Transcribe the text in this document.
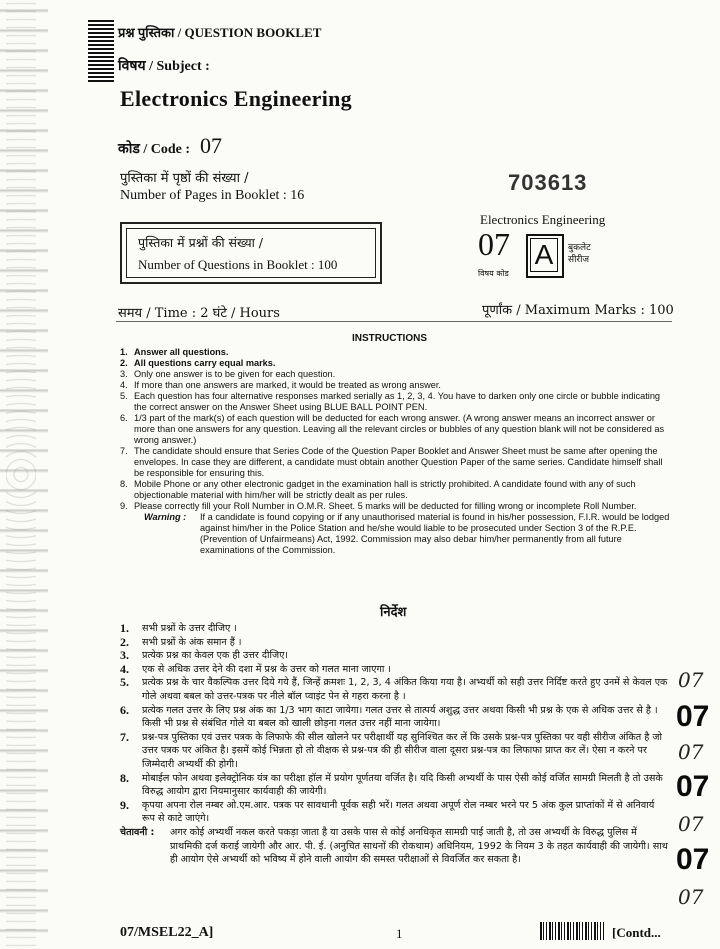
प्रश्न पुस्तिका / QUESTION BOOKLET
विषय / Subject :
Electronics Engineering
कोड / Code : 07
पुस्तिका में पृष्ठों की संख्या /
Number of Pages in Booklet : 16
703613
पुस्तिका में प्रश्नों की संख्या /
Number of Questions in Booklet : 100
Electronics Engineering
07
विषय कोड
A	बुकलेट सीरीज
समय / Time : 2 घंटे / Hours	पूर्णांक / Maximum Marks : 100
INSTRUCTIONS
1. Answer all questions.
2. All questions carry equal marks.
3. Only one answer is to be given for each question.
4. If more than one answers are marked, it would be treated as wrong answer.
5. Each question has four alternative responses marked serially as 1, 2, 3, 4. You have to darken only one circle or bubble indicating the correct answer on the Answer Sheet using BLUE BALL POINT PEN.
6. 1/3 part of the mark(s) of each question will be deducted for each wrong answer. (A wrong answer means an incorrect answer or more than one answers for any question. Leaving all the relevant circles or bubbles of any question blank will not be considered as wrong answer.)
7. The candidate should ensure that Series Code of the Question Paper Booklet and Answer Sheet must be same after opening the envelopes. In case they are different, a candidate must obtain another Question Paper of the same series. Candidate himself shall be responsible for ensuring this.
8. Mobile Phone or any other electronic gadget in the examination hall is strictly prohibited. A candidate found with any of such objectionable material with him/her will be strictly dealt as per rules.
9. Please correctly fill your Roll Number in O.M.R. Sheet. 5 marks will be deducted for filling wrong or incomplete Roll Number.
Warning :	If a candidate is found copying or if any unauthorised material is found in his/her possession, F.I.R. would be lodged against him/her in the Police Station and he/she would liable to be prosecuted under Section 3 of the R.P.E. (Prevention of Unfairmeans) Act, 1992. Commission may also debar him/her permanently from all future examinations of the Commission.
निर्देश
1.	सभी प्रश्नों के उत्तर दीजिए ।
2.	सभी प्रश्नों के अंक समान हैं ।
3.	प्रत्येक प्रश्न का केवल एक ही उत्तर दीजिए।
4.	एक से अधिक उत्तर देने की दशा में प्रश्न के उत्तर को गलत माना जाएगा ।
5.	प्रत्येक प्रश्न के चार वैकल्पिक उत्तर दिये गये हैं, जिन्हें क्रमशः 1, 2, 3, 4 अंकित किया गया है। अभ्यर्थी को सही उत्तर निर्दिष्ट करते हुए उनमें से केवल एक गोले अथवा बबल को उत्तर-पत्रक पर नीले बॉल प्वाइंट पेन से गहरा करना है ।
6.	प्रत्येक गलत उत्तर के लिए प्रश्न अंक का 1/3 भाग काटा जायेगा। गलत उत्तर से तात्पर्य अशुद्ध उत्तर अथवा किसी भी प्रश्न के एक से अधिक उत्तर से है । किसी भी प्रश्न से संबंधित गोले या बबल को खाली छोड़ना गलत उत्तर नहीं माना जायेगा।
7.	प्रश्न-पत्र पुस्तिका एवं उत्तर पत्रक के लिफाफे की सील खोलने पर परीक्षार्थी यह सुनिश्चित कर लें कि उसके प्रश्न-पत्र पुस्तिका पर वही सीरीज अंकित है जो उत्तर पत्रक पर अंकित है। इसमें कोई भिन्नता हो तो वीक्षक से प्रश्न-पत्र की ही सीरीज वाला दूसरा प्रश्न-पत्र का लिफाफा प्राप्त कर लें। ऐसा न करने पर जिम्मेदारी अभ्यर्थी की होगी।
8.	मोबाईल फोन अथवा इलेक्ट्रोनिक यंत्र का परीक्षा हॉल में प्रयोग पूर्णतया वर्जित है। यदि किसी अभ्यर्थी के पास ऐसी कोई वर्जित सामग्री मिलती है तो उसके विरुद्ध आयोग द्वारा नियमानुसार कार्यवाही की जायेगी।
9.	कृपया अपना रोल नम्बर ओ.एम.आर. पत्रक पर सावधानी पूर्वक सही भरें। गलत अथवा अपूर्ण रोल नम्बर भरने पर 5 अंक कुल प्राप्तांकों में से अनिवार्य रूप से काटे जाएंगे।
चेतावनी :	अगर कोई अभ्यर्थी नकल करते पकड़ा जाता है या उसके पास से कोई अनधिकृत सामग्री पाई जाती है, तो उस अभ्यर्थी के विरुद्ध पुलिस में प्राथमिकी दर्ज कराई जायेगी और आर. पी. ई. (अनुचित साधनों की रोकथाम) अधिनियम, 1992 के नियम 3 के तहत कार्यवाही की जायेगी। साथ ही आयोग ऐसे अभ्यर्थी को भविष्य में होने वाली आयोग की समस्त परीक्षाओं से विवर्जित कर सकता है।
07
07
07
07
07
07
07
07/MSEL22_A]	1	[Contd...
